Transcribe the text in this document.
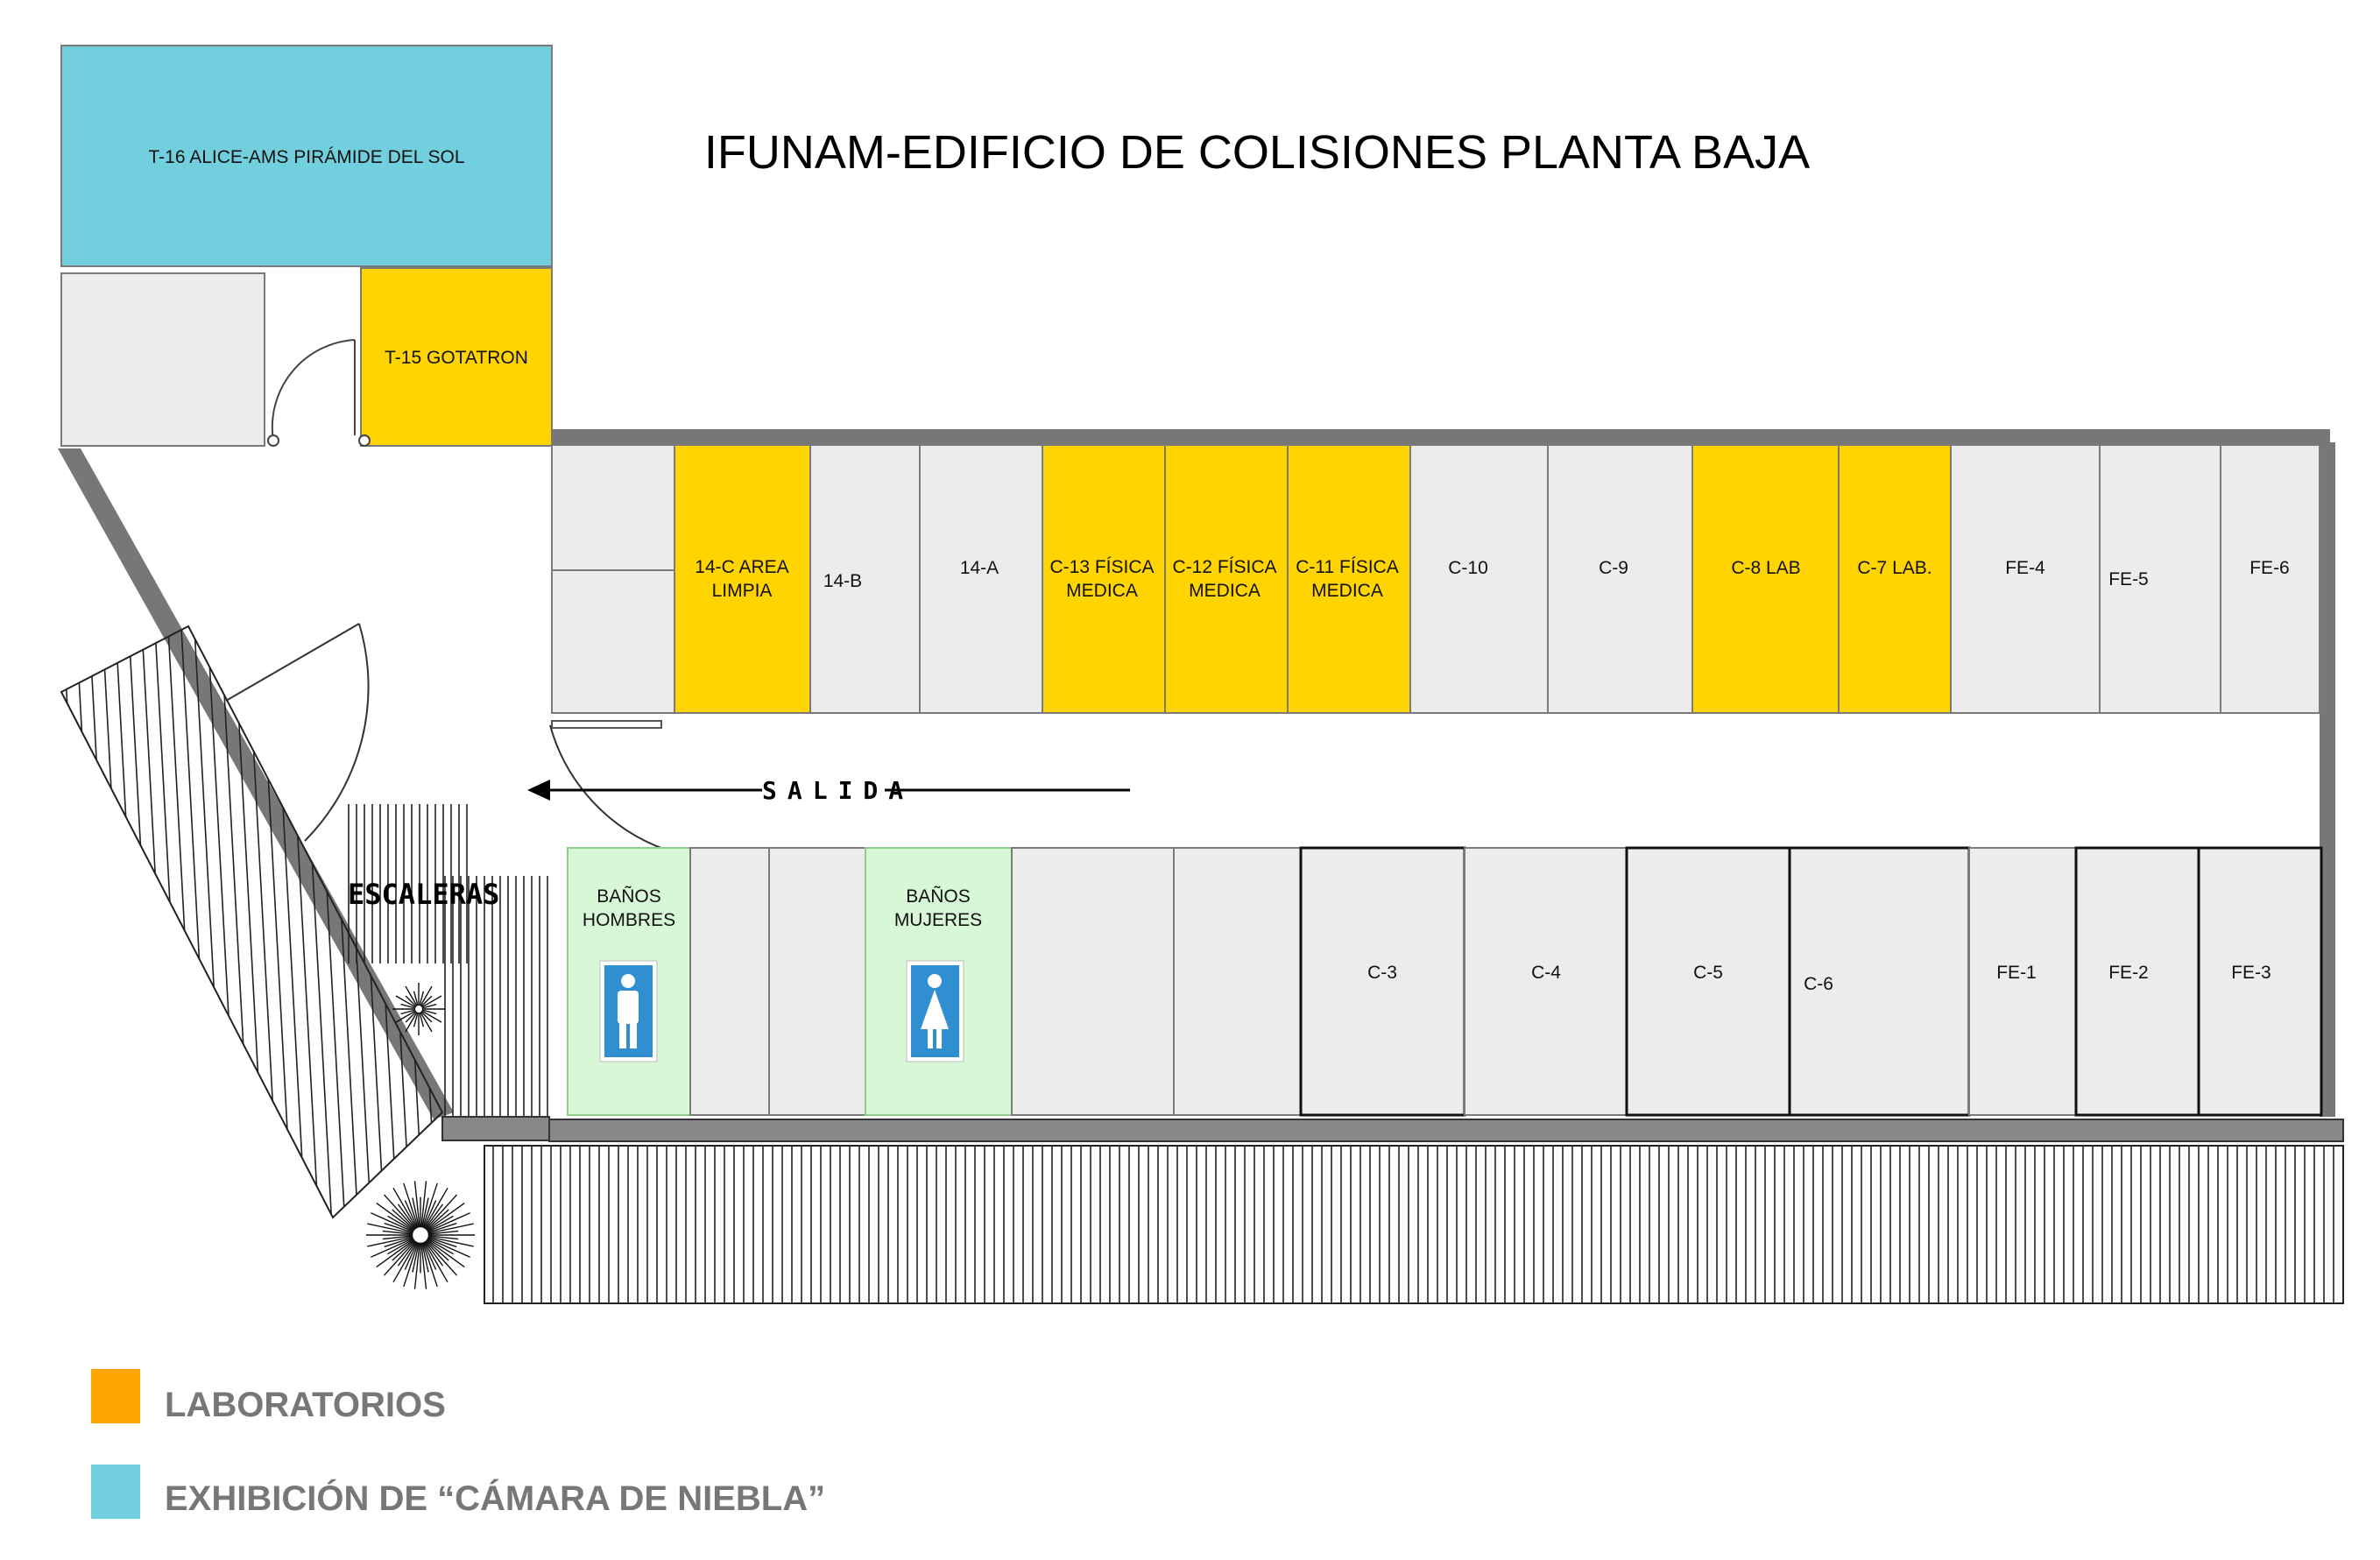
IFUNAM-EDIFICIO DE COLISIONES PLANTA BAJA
T-16 ALICE-AMS PIRÁMIDE DEL SOL
T-15 GOTATRON
14-C AREA LIMPIA	14-B
14-A	C-13 FÍSICA MEDICA
C-12 FÍSICA MEDICA
C-11 FÍSICA MEDICA
C-10	C-9	C-8 LAB	C-7 LAB.	FE-4
FE-5
FE-6
SALIDA
ESCALERAS	BAÑOS HOMBRES
BAÑOS MUJERES
C-3	C-4	C-5
C-6
FE-1	FE-2	FE-3
LABORATORIOS
EXHIBICIÓN DE “CÁMARA DE NIEBLA”
